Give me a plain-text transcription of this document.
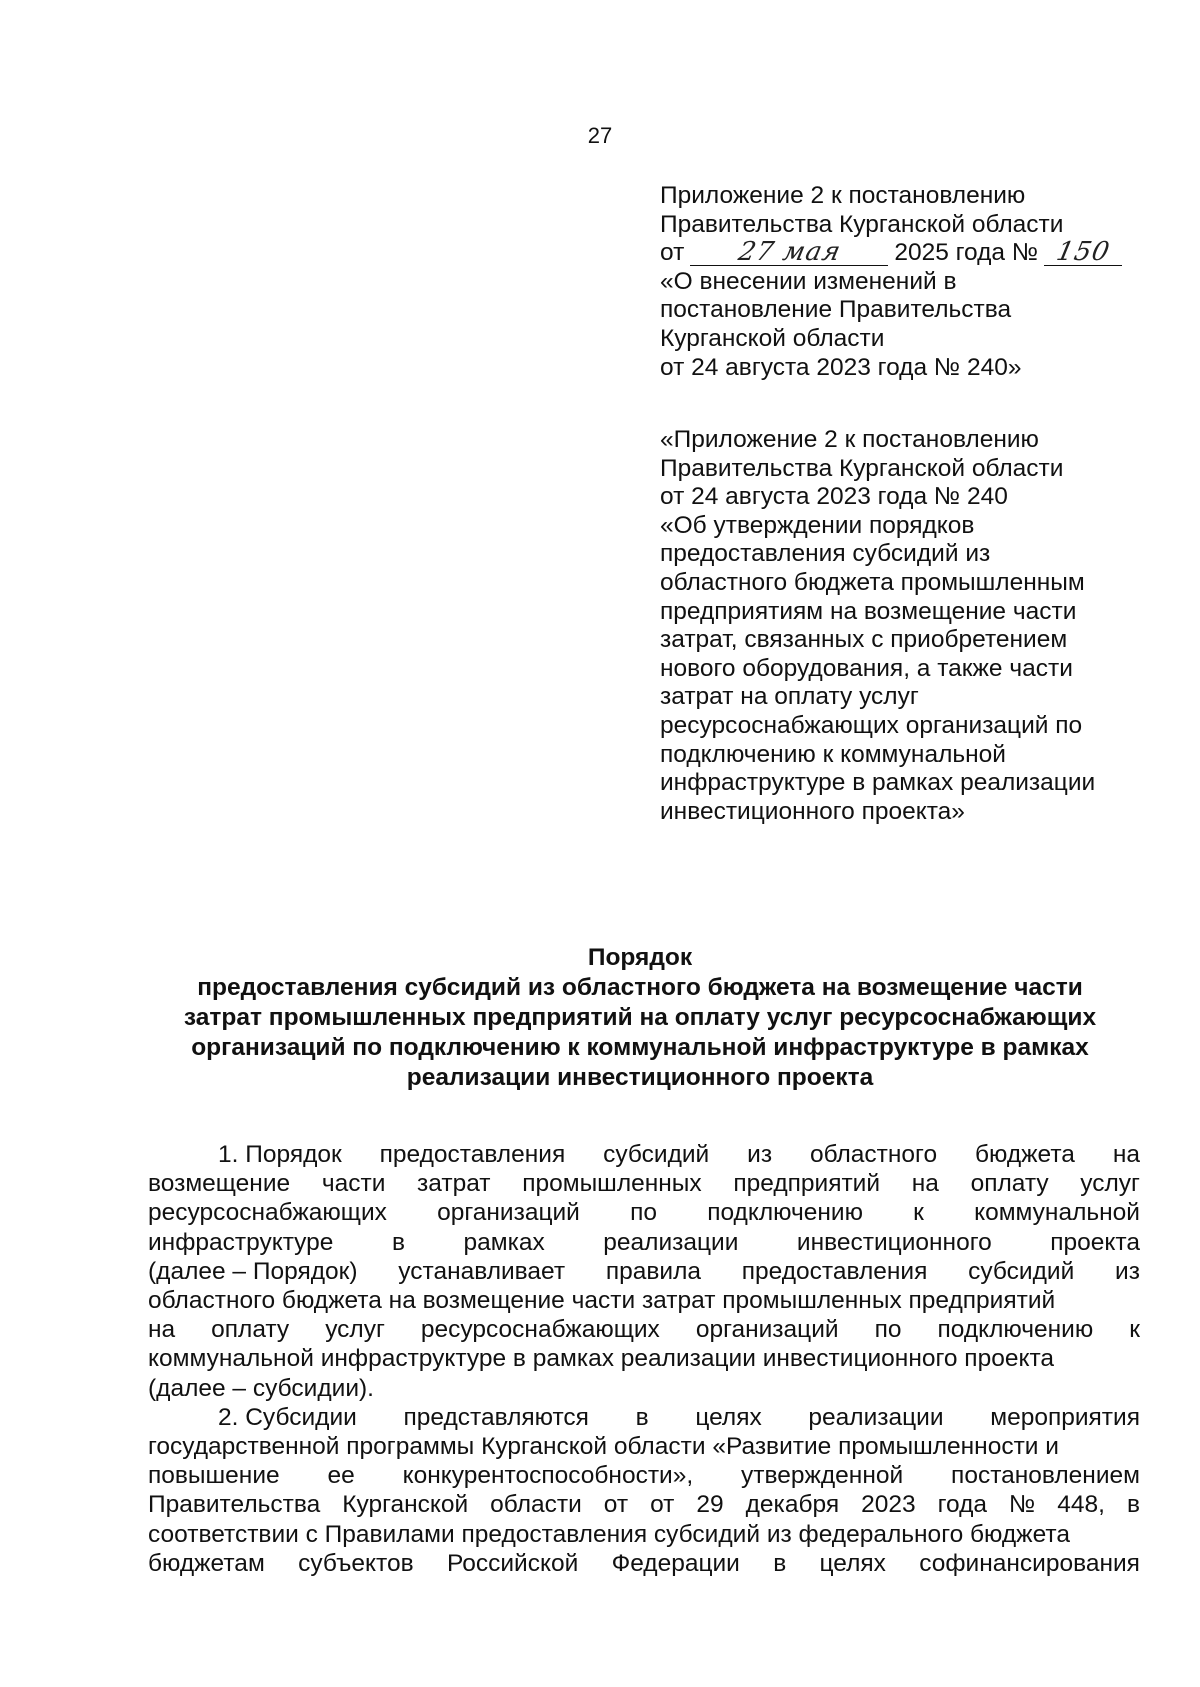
27
Приложение 2 к постановлению
Правительства Курганской области
от	27 мая	2025 года № 150
«О внесении изменений в
постановление Правительства
Курганской области
от 24 августа 2023 года № 240»
«Приложение 2 к постановлению
Правительства Курганской области
от 24 августа 2023 года № 240
«Об утверждении порядков
предоставления субсидий из
областного бюджета промышленным
предприятиям на возмещение части
затрат, связанных с приобретением
нового оборудования, а также части
затрат на оплату услуг
ресурсоснабжающих организаций по
подключению к коммунальной
инфраструктуре в рамках реализации
инвестиционного проекта»
Порядок
предоставления субсидий из областного бюджета на возмещение части
затрат промышленных предприятий на оплату услуг ресурсоснабжающих
организаций по подключению к коммунальной инфраструктуре в рамках
реализации инвестиционного проекта
1. Порядок предоставления субсидий из областного бюджета на
возмещение части затрат промышленных предприятий на оплату услуг
ресурсоснабжающих организаций по подключению к коммунальной
инфраструктуре в рамках реализации инвестиционного проекта
(далее – Порядок) устанавливает правила предоставления субсидий из
областного бюджета на возмещение части затрат промышленных предприятий
на оплату услуг ресурсоснабжающих организаций по подключению к
коммунальной инфраструктуре в рамках реализации инвестиционного проекта
(далее – субсидии).
2. Субсидии представляются в целях реализации мероприятия
государственной программы Курганской области «Развитие промышленности и
повышение ее конкурентоспособности», утвержденной постановлением
Правительства Курганской области от от 29 декабря 2023 года № 448, в
соответствии с Правилами предоставления субсидий из федерального бюджета
бюджетам субъектов Российской Федерации в целях софинансирования
